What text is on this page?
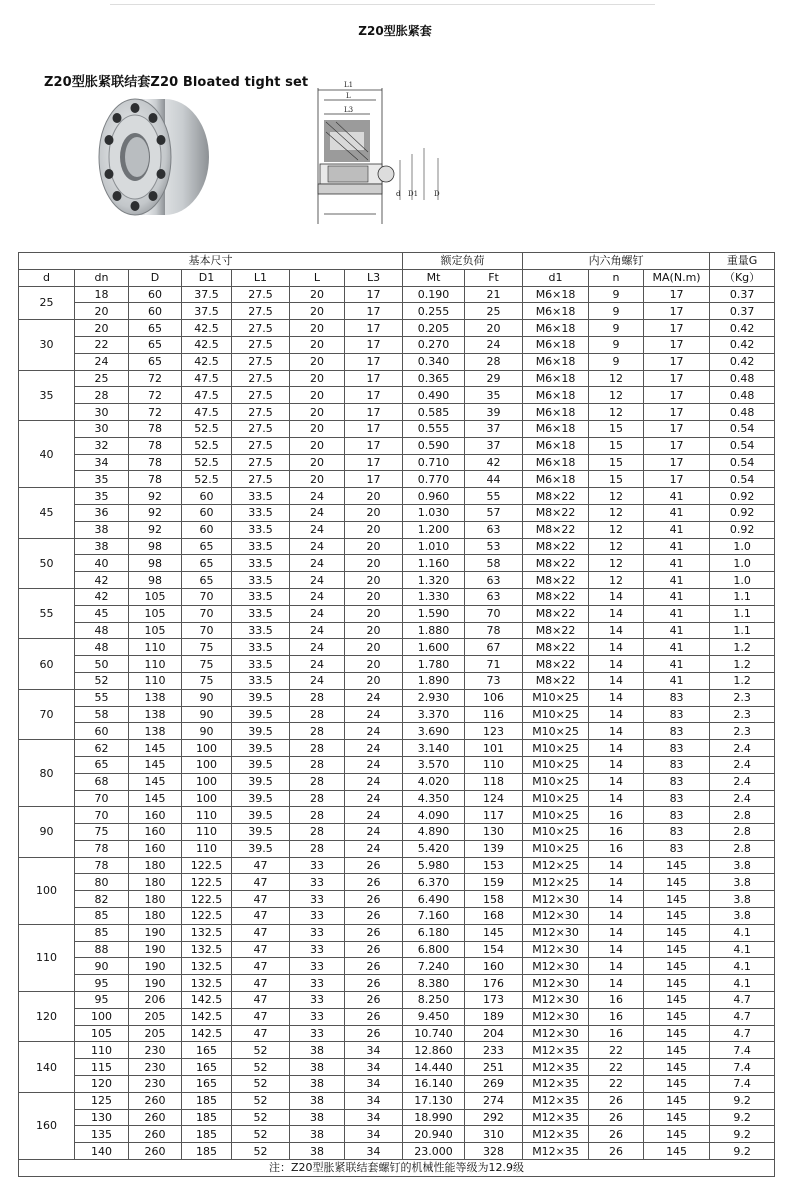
Z20型胀紧套
Z20型胀紧联结套Z20 Bloated tight set	L1
L
L3
d D1 D
基本尺寸							额定负荷		内六角螺钉			重量G
d	dn	D	D1	L1	L	L3	Mt	Ft	d1	n	MA(N.m)	（Kg）
25	18	60	37.5	27.5	20	17	0.190	21	M6×18	9	17	0.37
	20	60	37.5	27.5	20	17	0.255	25	M6×18	9	17	0.37
30	20	65	42.5	27.5	20	17	0.205	20	M6×18	9	17	0.42
	22	65	42.5	27.5	20	17	0.270	24	M6×18	9	17	0.42
	24	65	42.5	27.5	20	17	0.340	28	M6×18	9	17	0.42
35	25	72	47.5	27.5	20	17	0.365	29	M6×18	12	17	0.48
	28	72	47.5	27.5	20	17	0.490	35	M6×18	12	17	0.48
	30	72	47.5	27.5	20	17	0.585	39	M6×18	12	17	0.48
40	30	78	52.5	27.5	20	17	0.555	37	M6×18	15	17	0.54
	32	78	52.5	27.5	20	17	0.590	37	M6×18	15	17	0.54
	34	78	52.5	27.5	20	17	0.710	42	M6×18	15	17	0.54
	35	78	52.5	27.5	20	17	0.770	44	M6×18	15	17	0.54
45	35	92	60	33.5	24	20	0.960	55	M8×22	12	41	0.92
	36	92	60	33.5	24	20	1.030	57	M8×22	12	41	0.92
	38	92	60	33.5	24	20	1.200	63	M8×22	12	41	0.92
50	38	98	65	33.5	24	20	1.010	53	M8×22	12	41	1.0
	40	98	65	33.5	24	20	1.160	58	M8×22	12	41	1.0
	42	98	65	33.5	24	20	1.320	63	M8×22	12	41	1.0
55	42	105	70	33.5	24	20	1.330	63	M8×22	14	41	1.1
	45	105	70	33.5	24	20	1.590	70	M8×22	14	41	1.1
	48	105	70	33.5	24	20	1.880	78	M8×22	14	41	1.1
60	48	110	75	33.5	24	20	1.600	67	M8×22	14	41	1.2
	50	110	75	33.5	24	20	1.780	71	M8×22	14	41	1.2
	52	110	75	33.5	24	20	1.890	73	M8×22	14	41	1.2
70	55	138	90	39.5	28	24	2.930	106	M10×25	14	83	2.3
	58	138	90	39.5	28	24	3.370	116	M10×25	14	83	2.3
	60	138	90	39.5	28	24	3.690	123	M10×25	14	83	2.3
80	62	145	100	39.5	28	24	3.140	101	M10×25	14	83	2.4
	65	145	100	39.5	28	24	3.570	110	M10×25	14	83	2.4
	68	145	100	39.5	28	24	4.020	118	M10×25	14	83	2.4
	70	145	100	39.5	28	24	4.350	124	M10×25	14	83	2.4
90	70	160	110	39.5	28	24	4.090	117	M10×25	16	83	2.8
	75	160	110	39.5	28	24	4.890	130	M10×25	16	83	2.8
	78	160	110	39.5	28	24	5.420	139	M10×25	16	83	2.8
100	78	180	122.5	47	33	26	5.980	153	M12×25	14	145	3.8
	80	180	122.5	47	33	26	6.370	159	M12×25	14	145	3.8
	82	180	122.5	47	33	26	6.490	158	M12×30	14	145	3.8
	85	180	122.5	47	33	26	7.160	168	M12×30	14	145	3.8
110	85	190	132.5	47	33	26	6.180	145	M12×30	14	145	4.1
	88	190	132.5	47	33	26	6.800	154	M12×30	14	145	4.1
	90	190	132.5	47	33	26	7.240	160	M12×30	14	145	4.1
	95	190	132.5	47	33	26	8.380	176	M12×30	14	145	4.1
120	95	206	142.5	47	33	26	8.250	173	M12×30	16	145	4.7
	100	205	142.5	47	33	26	9.450	189	M12×30	16	145	4.7
	105	205	142.5	47	33	26	10.740	204	M12×30	16	145	4.7
140	110	230	165	52	38	34	12.860	233	M12×35	22	145	7.4
	115	230	165	52	38	34	14.440	251	M12×35	22	145	7.4
	120	230	165	52	38	34	16.140	269	M12×35	22	145	7.4
160	125	260	185	52	38	34	17.130	274	M12×35	26	145	9.2
	130	260	185	52	38	34	18.990	292	M12×35	26	145	9.2
	135	260	185	52	38	34	20.940	310	M12×35	26	145	9.2
	140	260	185	52	38	34	23.000	328	M12×35	26	145	9.2
注：Z20型胀紧联结套螺钉的机械性能等级为12.9级												
